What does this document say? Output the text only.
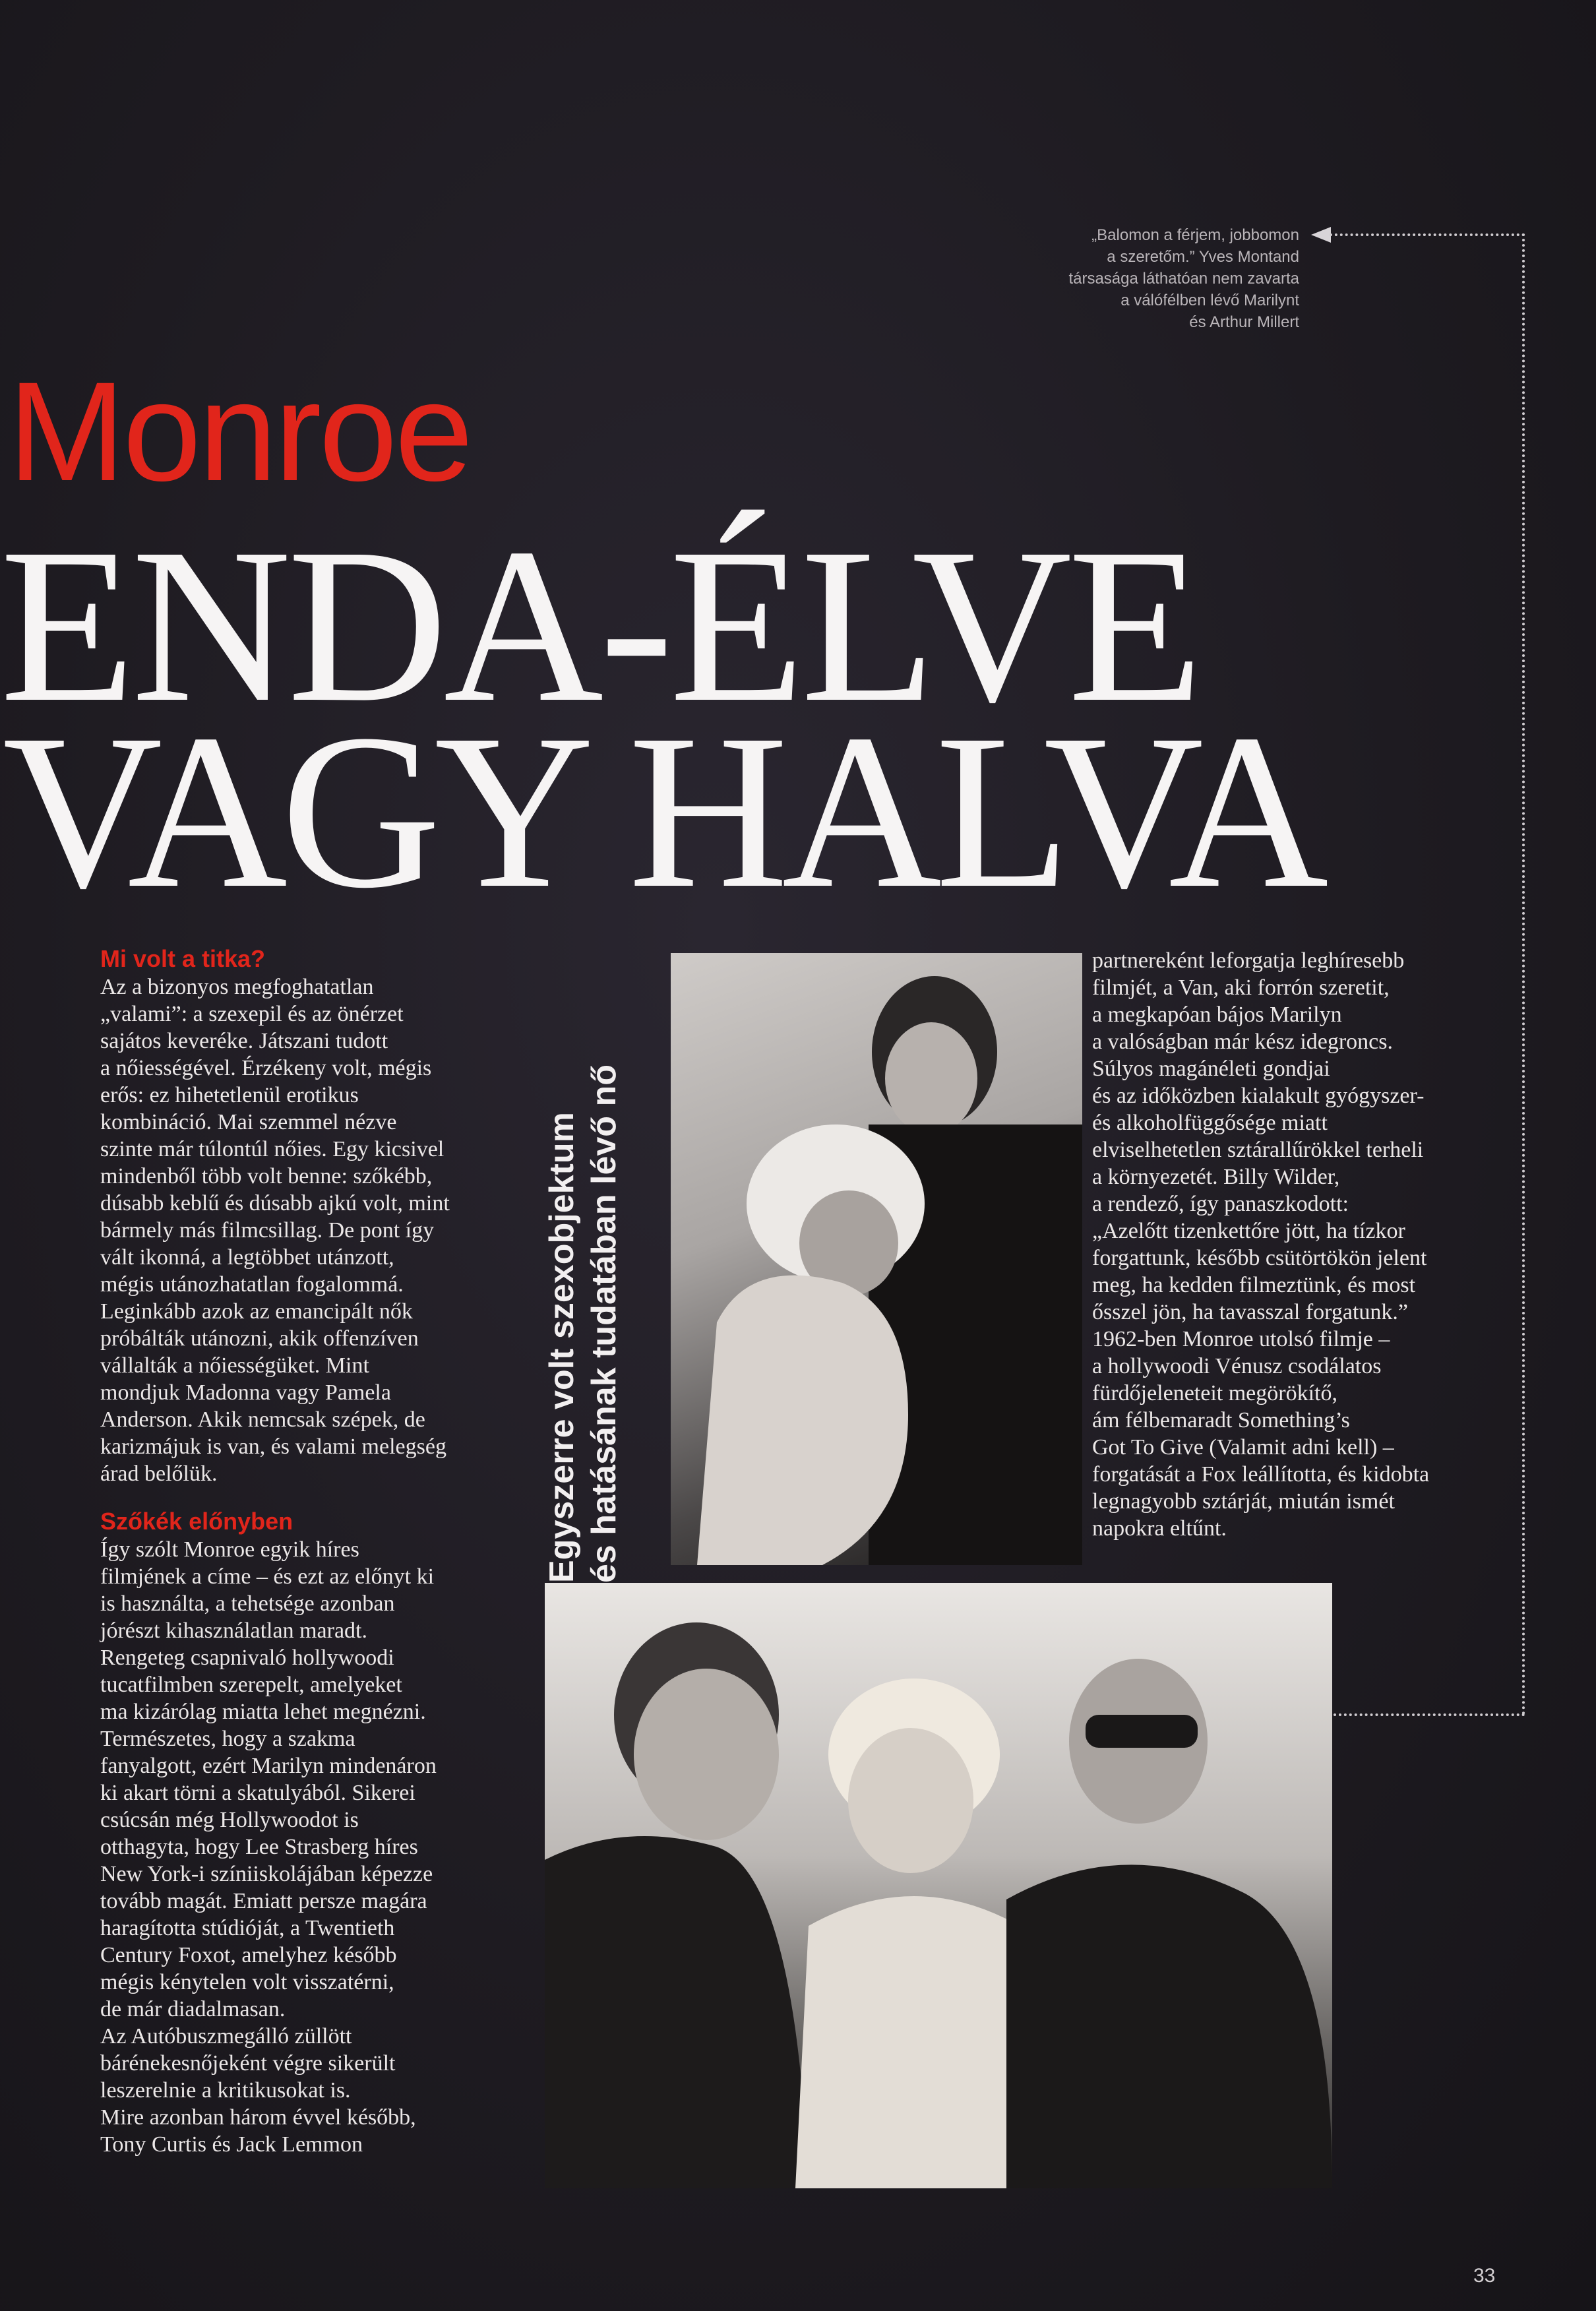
„Balomon a férjem, jobbomon
a szeretőm.” Yves Montand
társasága láthatóan nem zavarta
a válófélben lévő Marilynt
és Arthur Millert
Monroe
ENDA-ÉLVE
VAGY HALVA
Mi volt a titka?
Az a bizonyos megfoghatatlan
„valami”: a szexepil és az önérzet
sajátos keveréke. Játszani tudott
a nőiességével. Érzékeny volt, mégis
erős: ez hihetetlenül erotikus
kombináció. Mai szemmel nézve
szinte már túlontúl nőies. Egy kicsivel
mindenből több volt benne: szőkébb,
dúsabb keblű és dúsabb ajkú volt, mint
bármely más filmcsillag. De pont így
vált ikonná, a legtöbbet utánzott,
mégis utánozhatatlan fogalommá.
Leginkább azok az emancipált nők
próbálták utánozni, akik offenzíven
vállalták a nőiességüket. Mint
mondjuk Madonna vagy Pamela
Anderson. Akik nemcsak szépek, de
karizmájuk is van, és valami melegség
árad belőlük.
Szőkék előnyben
Így szólt Monroe egyik híres
filmjének a címe – és ezt az előnyt ki
is használta, a tehetsége azonban
jórészt kihasználatlan maradt.
Rengeteg csapnivaló hollywoodi
tucatfilmben szerepelt, amelyeket
ma kizárólag miatta lehet megnézni.
Természetes, hogy a szakma
fanyalgott, ezért Marilyn mindenáron
ki akart törni a skatulyából. Sikerei
csúcsán még Hollywoodot is
otthagyta, hogy Lee Strasberg híres
New York-i színiiskolájában képezze
tovább magát. Emiatt persze magára
haragította stúdióját, a Twentieth
Century Foxot, amelyhez később
mégis kénytelen volt visszatérni,
de már diadalmasan.
Az Autóbuszmegálló züllött
bárénekesnőjeként végre sikerült
leszerelnie a kritikusokat is.
Mire azonban három évvel később,
Tony Curtis és Jack Lemmon
Egyszerre volt szexobjektum és hatásának tudatában lévő nő
partnereként leforgatja leghíresebb
filmjét, a Van, aki forrón szeretit,
a megkapóan bájos Marilyn
a valóságban már kész idegroncs.
Súlyos magánéleti gondjai
és az időközben kialakult gyógyszer-
és alkoholfüggősége miatt
elviselhetetlen sztárallűrökkel terheli
a környezetét. Billy Wilder,
a rendező, így panaszkodott:
„Azelőtt tizenkettőre jött, ha tízkor
forgattunk, később csütörtökön jelent
meg, ha kedden filmeztünk, és most
ősszel jön, ha tavasszal forgatunk.”
1962-ben Monroe utolsó filmje –
a hollywoodi Vénusz csodálatos
fürdőjeleneteit megörökítő,
ám félbemaradt Something’s
Got To Give (Valamit adni kell) –
forgatását a Fox leállította, és kidobta
legnagyobb sztárját, miután ismét
napokra eltűnt.
33
